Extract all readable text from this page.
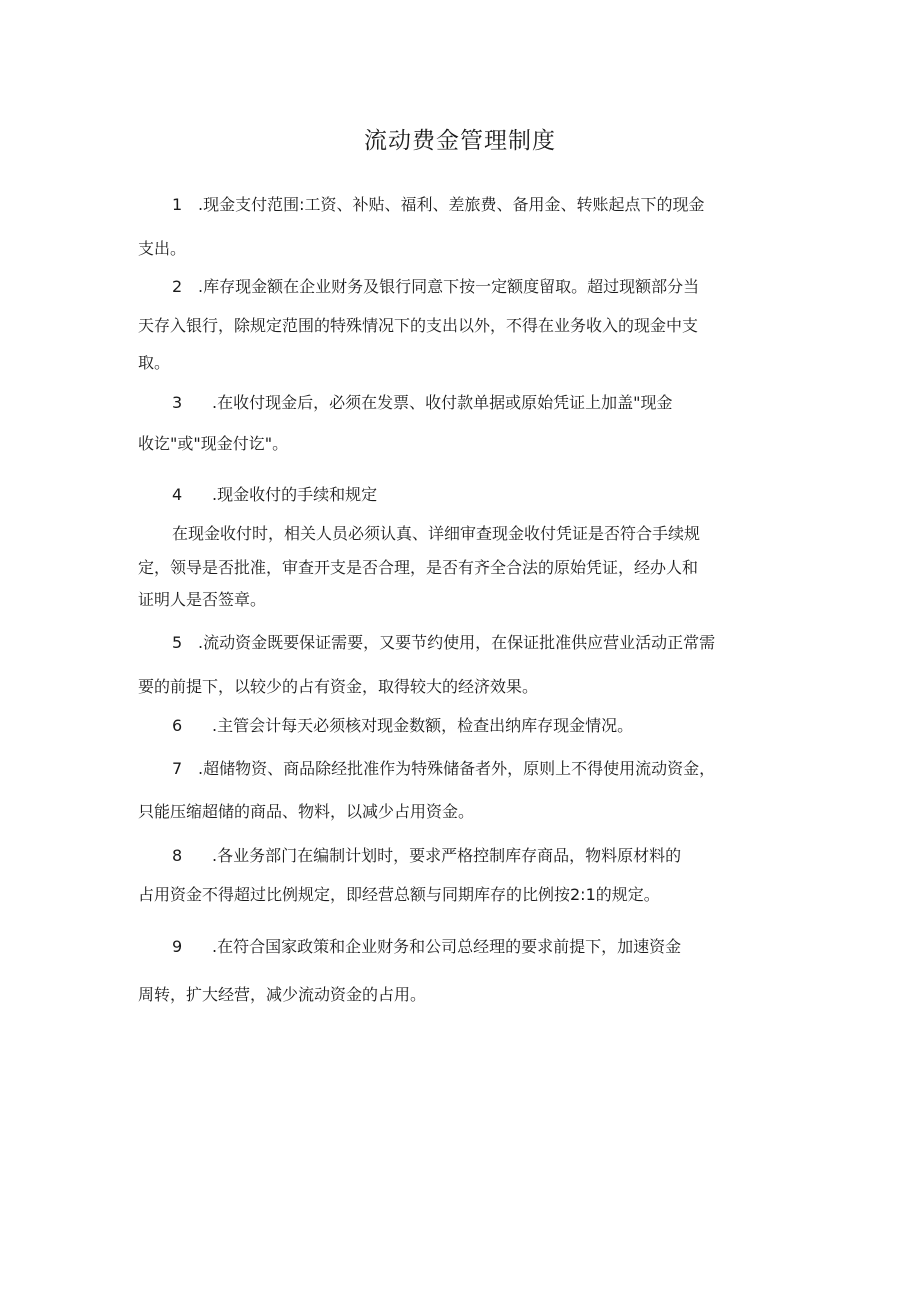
流动费金管理制度
1 .现金支付范围:工资、补贴、福利、差旅费、备用金、转账起点下的现金
支出。
2 .库存现金额在企业财务及银行同意下按一定额度留取。超过现额部分当
天存入银行，除规定范围的特殊情况下的支出以外，不得在业务收入的现金中支
取。
3 .在收付现金后，必须在发票、收付款单据或原始凭证上加盖"现金
收讫"或"现金付讫"。
4 .现金收付的手续和规定
在现金收付时，相关人员必须认真、详细审查现金收付凭证是否符合手续规
定，领导是否批准，审查开支是否合理，是否有齐全合法的原始凭证，经办人和
证明人是否签章。
5 .流动资金既要保证需要，又要节约使用，在保证批准供应营业活动正常需
要的前提下，以较少的占有资金，取得较大的经济效果。
6 .主管会计每天必须核对现金数额，检查出纳库存现金情况。
7 .超储物资、商品除经批准作为特殊储备者外，原则上不得使用流动资金，
只能压缩超储的商品、物料，以减少占用资金。
8 .各业务部门在编制计划时，要求严格控制库存商品，物料原材料的
占用资金不得超过比例规定，即经营总额与同期库存的比例按2:1的规定。
9 .在符合国家政策和企业财务和公司总经理的要求前提下，加速资金
周转，扩大经营，减少流动资金的占用。
